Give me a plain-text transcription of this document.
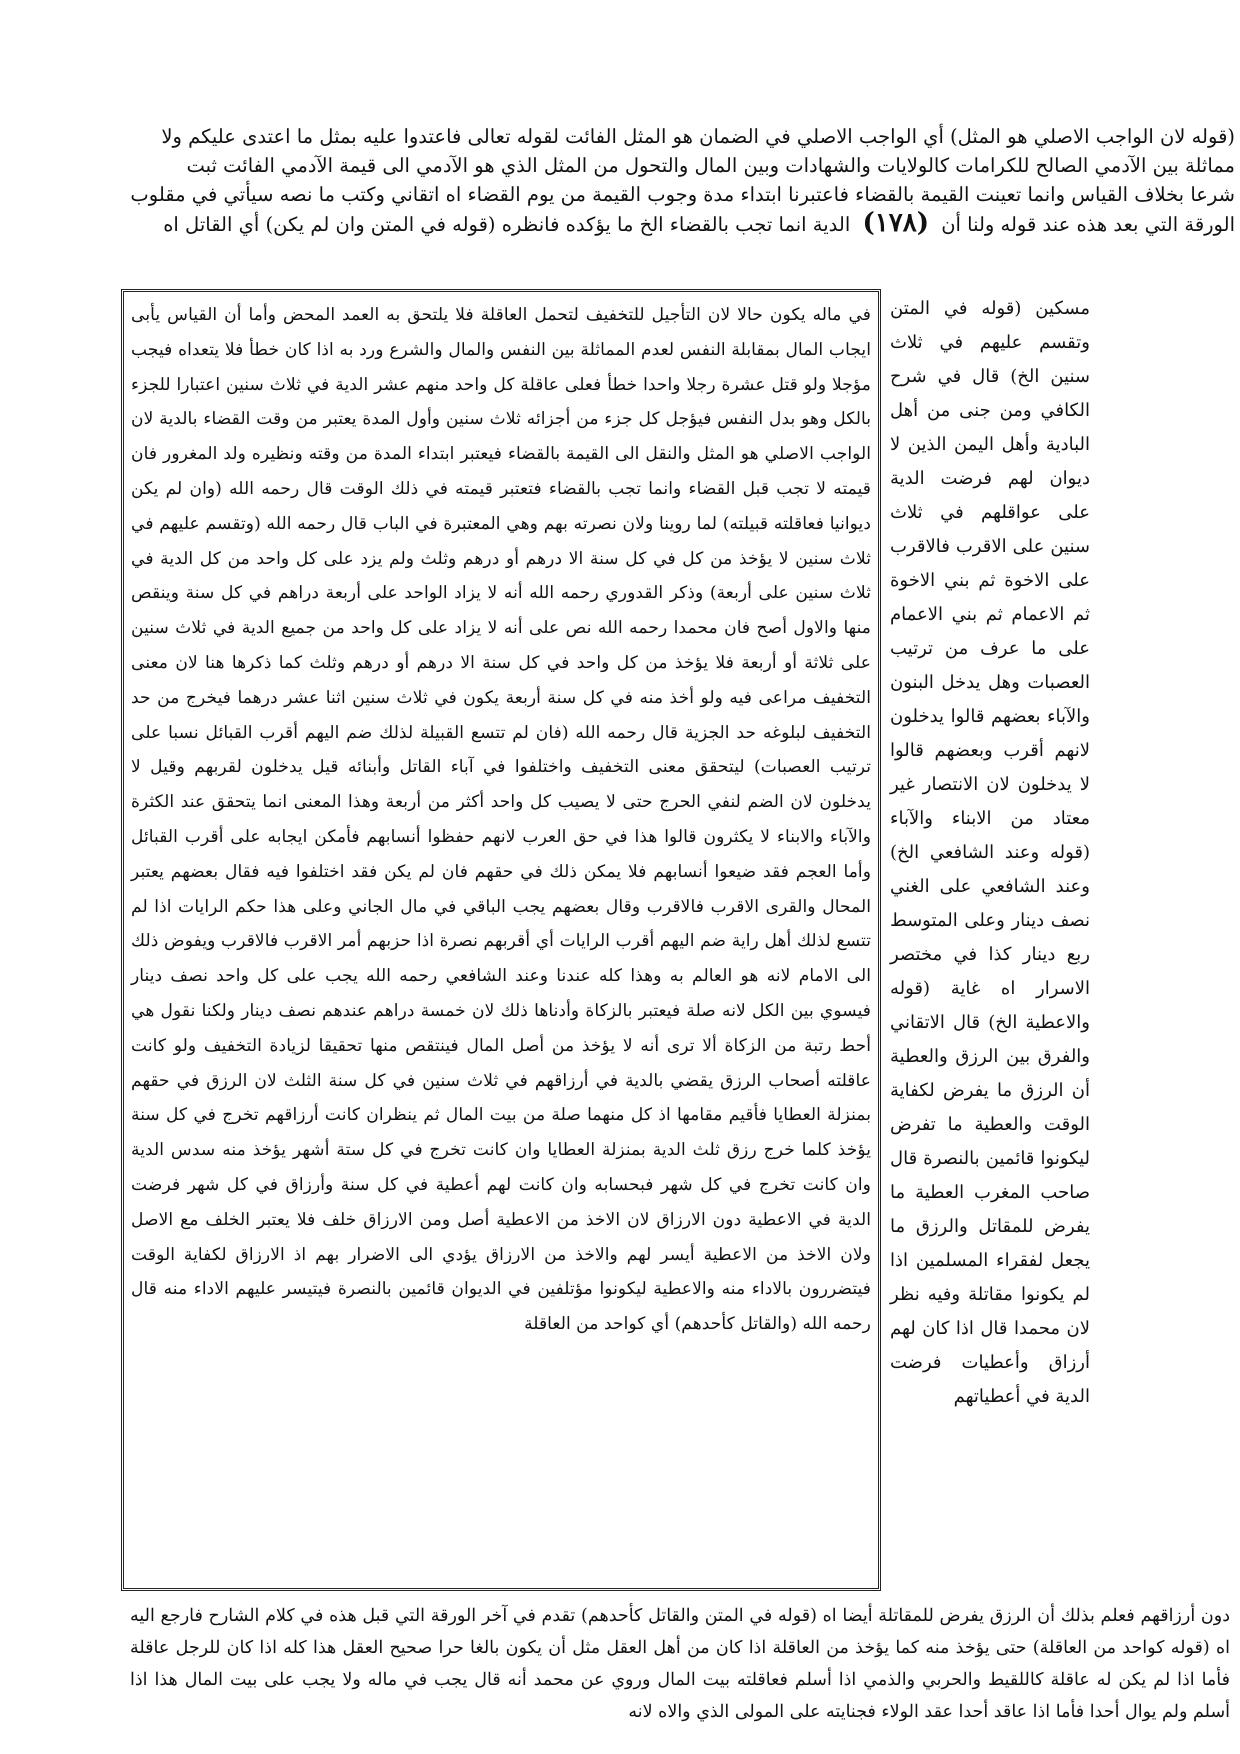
(قوله لان الواجب الاصلي هو المثل) أي الواجب الاصلي في الضمان هو المثل الفائت لقوله تعالى فاعتدوا عليه بمثل ما اعتدى عليكم ولا
مماثلة بين الآدمي الصالح للكرامات كالولايات والشهادات وبين المال والتحول من المثل الذي هو الآدمي الى قيمة الآدمي الفائت ثبت
شرعا بخلاف القياس وانما تعينت القيمة بالقضاء فاعتبرنا ابتداء مدة وجوب القيمة من يوم القضاء اه اتقاني وكتب ما نصه سيأتي في مقلوب
الورقة التي بعد هذه عند قوله ولنا أن (١٧٨) الدية انما تجب بالقضاء الخ ما يؤكده فانظره (قوله في المتن وان لم يكن) أي القاتل اه
مسكين (قوله في المتن وتقسم عليهم في ثلاث سنين الخ) قال في شرح الكافي ومن جنى من أهل البادية وأهل اليمن الذين لا ديوان لهم فرضت الدية على عواقلهم في ثلاث سنين على الاقرب فالاقرب على الاخوة ثم بني الاخوة ثم الاعمام ثم بني الاعمام على ما عرف من ترتيب العصبات وهل يدخل البنون والآباء بعضهم قالوا يدخلون لانهم أقرب وبعضهم قالوا لا يدخلون لان الانتصار غير معتاد من الابناء والآباء (قوله وعند الشافعي الخ) وعند الشافعي على الغني نصف دينار وعلى المتوسط ربع دينار كذا في مختصر الاسرار اه غاية (قوله والاعطية الخ) قال الاتقاني والفرق بين الرزق والعطية أن الرزق ما يفرض لكفاية الوقت والعطية ما تفرض ليكونوا قائمين بالنصرة قال صاحب المغرب العطية ما يفرض للمقاتل والرزق ما يجعل لفقراء المسلمين اذا لم يكونوا مقاتلة وفيه نظر لان محمدا قال اذا كان لهم أرزاق وأعطيات فرضت الدية في أعطياتهم
في ماله يكون حالا لان التأجيل للتخفيف لتحمل العاقلة فلا يلتحق به العمد المحض وأما أن القياس يأبى ايجاب المال بمقابلة النفس لعدم المماثلة بين النفس والمال والشرع ورد به اذا كان خطأ فلا يتعداه فيجب مؤجلا ولو قتل عشرة رجلا واحدا خطأ فعلى عاقلة كل واحد منهم عشر الدية في ثلاث سنين اعتبارا للجزء بالكل وهو بدل النفس فيؤجل كل جزء من أجزائه ثلاث سنين وأول المدة يعتبر من وقت القضاء بالدية لان الواجب الاصلي هو المثل والنقل الى القيمة بالقضاء فيعتبر ابتداء المدة من وقته ونظيره ولد المغرور فان قيمته لا تجب قبل القضاء وانما تجب بالقضاء فتعتبر قيمته في ذلك الوقت قال رحمه الله (وان لم يكن ديوانيا فعاقلته قبيلته) لما روينا ولان نصرته بهم وهي المعتبرة في الباب قال رحمه الله (وتقسم عليهم في ثلاث سنين لا يؤخذ من كل في كل سنة الا درهم أو درهم وثلث ولم يزد على كل واحد من كل الدية في ثلاث سنين على أربعة) وذكر القدوري رحمه الله أنه لا يزاد الواحد على أربعة دراهم في كل سنة وينقص منها والاول أصح فان محمدا رحمه الله نص على أنه لا يزاد على كل واحد من جميع الدية في ثلاث سنين على ثلاثة أو أربعة فلا يؤخذ من كل واحد في كل سنة الا درهم أو درهم وثلث كما ذكرها هنا لان معنى التخفيف مراعى فيه ولو أخذ منه في كل سنة أربعة يكون في ثلاث سنين اثنا عشر درهما فيخرج من حد التخفيف لبلوغه حد الجزية قال رحمه الله (فان لم تتسع القبيلة لذلك ضم اليهم أقرب القبائل نسبا على ترتيب العصبات) ليتحقق معنى التخفيف واختلفوا في آباء القاتل وأبنائه قيل يدخلون لقربهم وقيل لا يدخلون لان الضم لنفي الحرج حتى لا يصيب كل واحد أكثر من أربعة وهذا المعنى انما يتحقق عند الكثرة والآباء والابناء لا يكثرون قالوا هذا في حق العرب لانهم حفظوا أنسابهم فأمكن ايجابه على أقرب القبائل وأما العجم فقد ضيعوا أنسابهم فلا يمكن ذلك في حقهم فان لم يكن فقد اختلفوا فيه فقال بعضهم يعتبر المحال والقرى الاقرب فالاقرب وقال بعضهم يجب الباقي في مال الجاني وعلى هذا حكم الرايات اذا لم تتسع لذلك أهل راية ضم اليهم أقرب الرايات أي أقربهم نصرة اذا حزبهم أمر الاقرب فالاقرب ويفوض ذلك الى الامام لانه هو العالم به وهذا كله عندنا وعند الشافعي رحمه الله يجب على كل واحد نصف دينار فيسوي بين الكل لانه صلة فيعتبر بالزكاة وأدناها ذلك لان خمسة دراهم عندهم نصف دينار ولكنا نقول هي أحط رتبة من الزكاة ألا ترى أنه لا يؤخذ من أصل المال فينتقص منها تحقيقا لزيادة التخفيف ولو كانت عاقلته أصحاب الرزق يقضي بالدية في أرزاقهم في ثلاث سنين في كل سنة الثلث لان الرزق في حقهم بمنزلة العطايا فأقيم مقامها اذ كل منهما صلة من بيت المال ثم ينظران كانت أرزاقهم تخرج في كل سنة يؤخذ كلما خرج رزق ثلث الدية بمنزلة العطايا وان كانت تخرج في كل ستة أشهر يؤخذ منه سدس الدية وان كانت تخرج في كل شهر فبحسابه وان كانت لهم أعطية في كل سنة وأرزاق في كل شهر فرضت الدية في الاعطية دون الارزاق لان الاخذ من الاعطية أصل ومن الارزاق خلف فلا يعتبر الخلف مع الاصل ولان الاخذ من الاعطية أيسر لهم والاخذ من الارزاق يؤدي الى الاضرار بهم اذ الارزاق لكفاية الوقت فيتضررون بالاداء منه والاعطية ليكونوا مؤتلفين في الديوان قائمين بالنصرة فيتيسر عليهم الاداء منه قال رحمه الله (والقاتل كأحدهم) أي كواحد من العاقلة
دون أرزاقهم فعلم بذلك أن الرزق يفرض للمقاتلة أيضا اه (قوله في المتن والقاتل كأحدهم) تقدم في آخر الورقة التي قبل هذه في كلام الشارح فارجع اليه اه (قوله كواحد من العاقلة) حتى يؤخذ منه كما يؤخذ من العاقلة اذا كان من أهل العقل مثل أن يكون بالغا حرا صحيح العقل هذا كله اذا كان للرجل عاقلة فأما اذا لم يكن له عاقلة كاللقيط والحربي والذمي اذا أسلم فعاقلته بيت المال وروي عن محمد أنه قال يجب في ماله ولا يجب على بيت المال هذا اذا أسلم ولم يوال أحدا فأما اذا عاقد أحدا عقد الولاء فجنايته على المولى الذي والاه لانه
